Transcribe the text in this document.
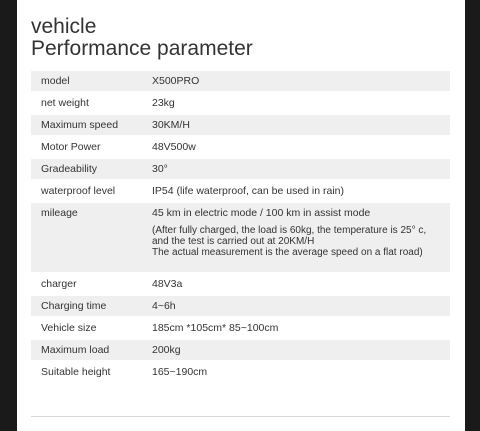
vehicle
Performance parameter
model	X500PRO
net weight	23kg
Maximum speed	30KM/H
Motor Power	48V500w
Gradeability	30°
waterproof level	IP54 (life waterproof, can be used in rain)
mileage	45 km in electric mode / 100 km in assist mode
(After fully charged, the load is 60kg, the temperature is 25° c,
and the test is carried out at 20KM/H
The actual measurement is the average speed on a flat road)

charger	48V3a
Charging time	4~6h
Vehicle size	185cm *105cm* 85~100cm
Maximum load	200kg
Suitable height	165~190cm
